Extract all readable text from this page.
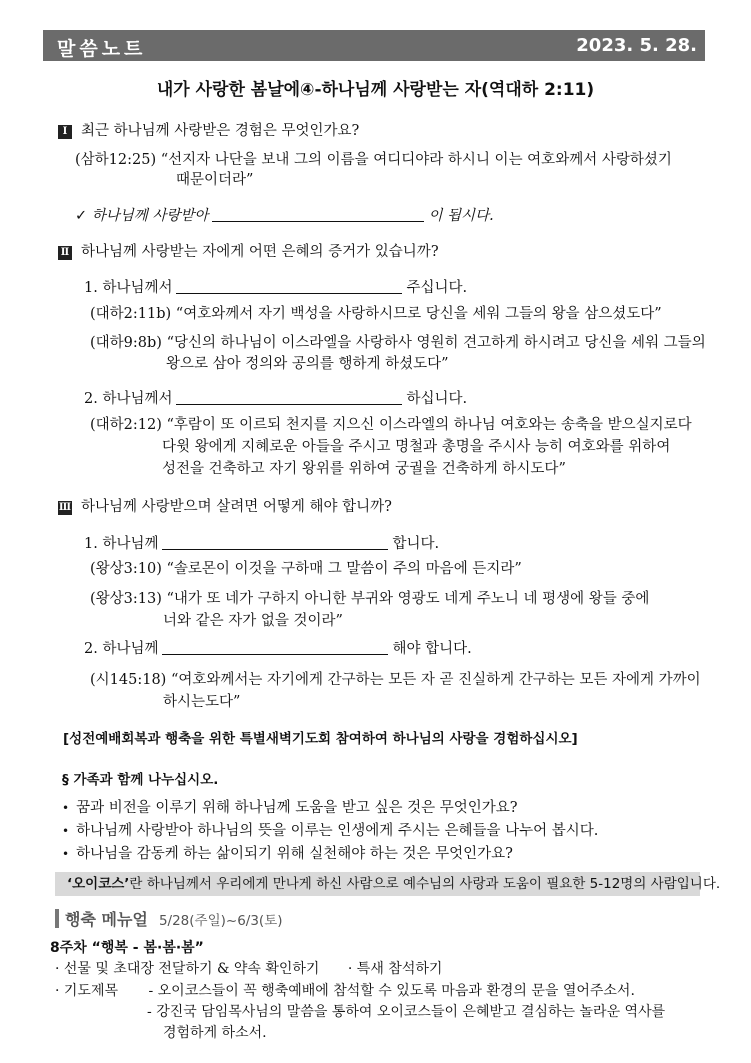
말씀노트	2023. 5. 28.
내가 사랑한 봄날에④-하나님께 사랑받는 자(역대하 2:11)
Ⅰ 최근 하나님께 사랑받은 경험은 무엇인가요?
(삼하12:25) “선지자 나단을 보내 그의 이름을 여디디야라 하시니 이는 여호와께서 사랑하셨기
때문이더라”
✓ 하나님께 사랑받아	이 됩시다.
Ⅱ 하나님께 사랑받는 자에게 어떤 은혜의 증거가 있습니까?
1. 하나님께서	주십니다.
(대하2:11b) “여호와께서 자기 백성을 사랑하시므로 당신을 세워 그들의 왕을 삼으셨도다”
(대하9:8b) “당신의 하나님이 이스라엘을 사랑하사 영원히 견고하게 하시려고 당신을 세워 그들의
왕으로 삼아 정의와 공의를 행하게 하셨도다”
2. 하나님께서	하십니다.
(대하2:12) “후람이 또 이르되 천지를 지으신 이스라엘의 하나님 여호와는 송축을 받으실지로다
다윗 왕에게 지혜로운 아들을 주시고 명철과 총명을 주시사 능히 여호와를 위하여
성전을 건축하고 자기 왕위를 위하여 궁궐을 건축하게 하시도다”
Ⅲ 하나님께 사랑받으며 살려면 어떻게 해야 합니까?
1. 하나님께	합니다.
(왕상3:10) “솔로몬이 이것을 구하매 그 말씀이 주의 마음에 든지라”
(왕상3:13) “내가 또 네가 구하지 아니한 부귀와 영광도 네게 주노니 네 평생에 왕들 중에
너와 같은 자가 없을 것이라”
2. 하나님께	해야 합니다.
(시145:18) “여호와께서는 자기에게 간구하는 모든 자 곧 진실하게 간구하는 모든 자에게 가까이
하시는도다”
[성전예배회복과 행축을 위한 특별새벽기도회 참여하여 하나님의 사랑을 경험하십시오]
§ 가족과 함께 나누십시오.
• 꿈과 비전을 이루기 위해 하나님께 도움을 받고 싶은 것은 무엇인가요?
• 하나님께 사랑받아 하나님의 뜻을 이루는 인생에게 주시는 은혜들을 나누어 봅시다.
• 하나님을 감동케 하는 삶이되기 위해 실천해야 하는 것은 무엇인가요?
‘오이코스’란 하나님께서 우리에게 만나게 하신 사람으로 예수님의 사랑과 도움이 필요한 5-12명의 사람입니다.
행축 메뉴얼 5/28(주일)~6/3(토)
8주차 “행복 - 봄·봄·봄”
· 선물 및 초대장 전달하기 & 약속 확인하기 · 특새 참석하기
· 기도제목 - 오이코스들이 꼭 행축예배에 참석할 수 있도록 마음과 환경의 문을 열어주소서.
- 강진국 담임목사님의 말씀을 통하여 오이코스들이 은혜받고 결심하는 놀라운 역사를
경험하게 하소서.
